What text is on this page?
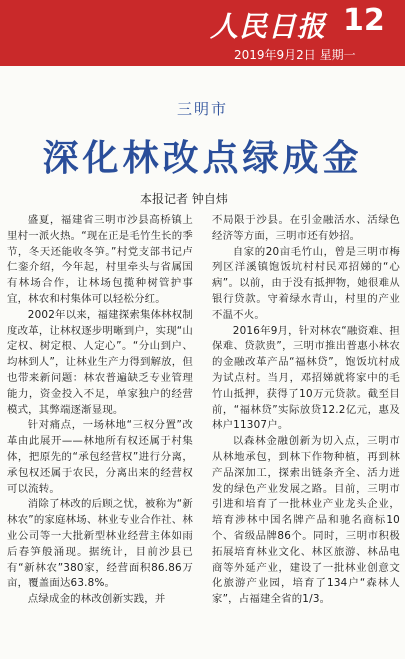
人民日报 12
2019年9月2日 星期一
三明市
深化林改点绿成金
本报记者 钟自炜

盛夏，福建省三明市沙县高桥镇上里村一派火热。“现在正是毛竹生长的季节，冬天还能收冬笋。”村党支部书记卢仁銮介绍，今年起，村里牵头与省属国有林场合作，让林场包揽种树管护事宜，林农和村集体可以轻松分红。

2002年以来，福建探索集体林权制度改革，让林权逐步明晰到户，实现“山定权、树定根、人定心”。“分山到户、均林到人”，让林业生产力得到解放，但也带来新问题：林农普遍缺乏专业管理能力，资金投入不足，单家独户的经营模式，其弊端逐渐显现。

针对痛点，一场林地“三权分置”改革由此展开——林地所有权还属于村集体，把原先的“承包经营权”进行分离，承包权还属于农民，分离出来的经营权可以流转。

消除了林改的后顾之忧，被称为“新林农”的家庭林场、林业专业合作社、林业公司等一大批新型林业经营主体如雨后春笋般涌现。据统计，目前沙县已有“新林农”380家，经营面积86.86万亩，覆盖面达63.8%。

点绿成金的林改创新实践，并

不局限于沙县。在引金融活水、活绿色经济等方面，三明市还有妙招。

自家的20亩毛竹山，曾是三明市梅列区洋溪镇饱饭坑村村民邓招娣的“心病”。以前，由于没有抵押物，她很难从银行贷款。守着绿水青山，村里的产业不温不火。

2016年9月，针对林农“融资难、担保难、贷款贵”，三明市推出普惠小林农的金融改革产品“福林贷”，饱饭坑村成为试点村。当月，邓招娣就将家中的毛竹山抵押，获得了10万元贷款。截至目前，“福林贷”实际放贷12.2亿元，惠及林户11307户。

以森林金融创新为切入点，三明市从林地承包，到林下作物种植，再到林产品深加工，探索出链条齐全、活力迸发的绿色产业发展之路。目前，三明市引进和培育了一批林业产业龙头企业，培育涉林中国名牌产品和驰名商标10个、省级品牌86个。同时，三明市积极拓展培育林业文化、林区旅游、林品电商等外延产业，建设了一批林业创意文化旅游产业园，培育了134户“森林人家”，占福建全省的1/3。
